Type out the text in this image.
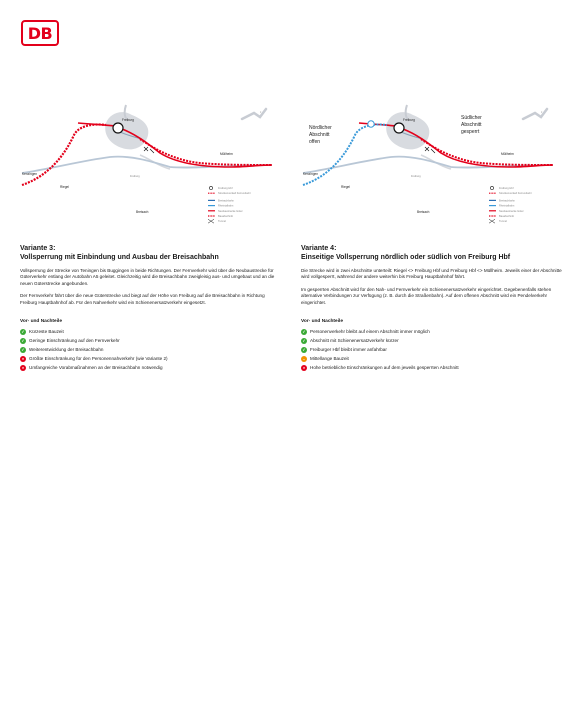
DB
z
Freiburg
Müllheim
Kenzingen
Riegel
Breisach
Freiburg
Freiburg Hbf
Streckenverlauf Fernverkehr
Breisachbahn
Rheintalbahn
Neubaustrecke Güter
Bauabschnitt
Tunnel
z
Freiburg
Müllheim
Kenzingen
Riegel
Breisach
Freiburg
Nördlicher
Abschnitt
offen
Südlicher
Abschnitt
gesperrt
Freiburg Hbf
Streckenverlauf Fernverkehr
Breisachbahn
Rheintalbahn
Neubaustrecke Güter
Bauabschnitt
Tunnel
Variante 3:
Vollsperrung mit Einbindung und Ausbau der Breisachbahn

Vollsperrung der Strecke von Teningen bis Buggingen in beide Richtungen. Der Fernverkehr wird über die Neubaustrecke für Güterverkehr entlang der Autobahn A5 geleitet. Gleichzeitig wird die Breisachbahn zweigleisig aus- und umgebaut und an die neuen Güterstrecke angebunden.

Der Fernverkehr fährt über die neue Güterstrecke und biegt auf der Höhe von Freiburg auf die Breisachbahn in Richtung Freiburg Hauptbahnhof ab. Für den Nahverkehr wird ein Schienenersatzverkehr eingesetzt.

Vor- und Nachteile
✓ Kürzeste Bauzeit
✓ Geringe Einschränkung auf den Fernverkehr
✓ Weiterentwicklung der Breisachbahn
×	Größte Einschränkung für den Personennahverkehr (wie Variante 2)
×	Umfangreiche Vorabmaßnahmen an der Breisachbahn notwendig
Variante 4:
Einseitige Vollsperrung nördlich oder südlich von Freiburg Hbf

Die Strecke wird in zwei Abschnitte unterteilt: Riegel <> Freiburg Hbf und Freiburg Hbf <> Müllheim. Jeweils einer der Abschnitte wird vollgesperrt, während der andere weiterhin bis Freiburg Hauptbahnhof fährt.

Im gesperrten Abschnitt wird für den Nah- und Fernverkehr ein Schienenersatzverkehr eingerichtet. Gegebenenfalls stehen alternative Verbindungen zur Verfügung (z. B. durch die Straßenbahn). Auf dem offenen Abschnitt wird ein Pendelverkehr eingerichtet.

Vor- und Nachteile
✓ Personenverkehr bleibt auf einem Abschnitt immer möglich
✓ Abschnitt mit Schienenersatzverkehr kürzer
✓ Freiburger Hbf bleibt immer anfahrbar
–	Mittellange Bauzeit
×	Hohe betriebliche Einschränkungen auf dem jeweils gesperrten Abschnitt
